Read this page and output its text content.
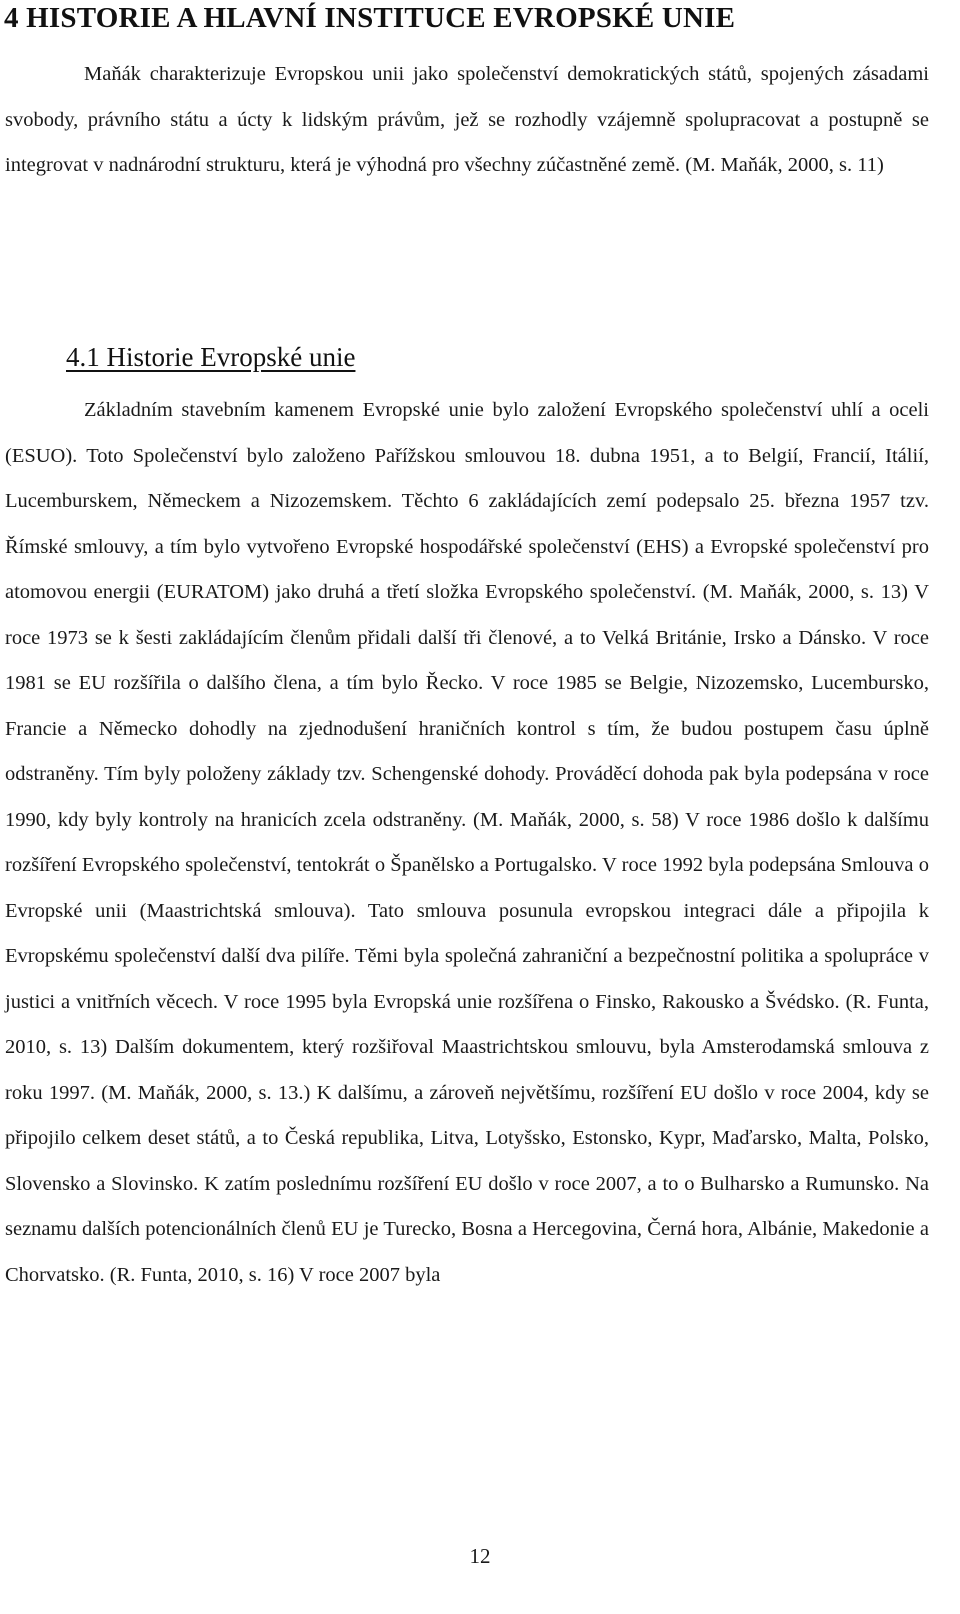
4 HISTORIE A HLAVNÍ INSTITUCE EVROPSKÉ UNIE

Maňák charakterizuje Evropskou unii jako společenství demokratických států, spojených zásadami svobody, právního státu a úcty k lidským právům, jež se rozhodly vzájemně spolupracovat a postupně se integrovat v nadnárodní strukturu, která je výhodná pro všechny zúčastněné země. (M. Maňák, 2000, s. 11)

4.1 Historie Evropské unie

Základním stavebním kamenem Evropské unie bylo založení Evropského společenství uhlí a oceli (ESUO). Toto Společenství bylo založeno Pařížskou smlouvou 18. dubna 1951, a to Belgií, Francií, Itálií, Lucemburskem, Německem a Nizozemskem. Těchto 6 zakládajících zemí podepsalo 25. března 1957 tzv. Římské smlouvy, a tím bylo vytvořeno Evropské hospodářské společenství (EHS) a Evropské společenství pro atomovou energii (EURATOM) jako druhá a třetí složka Evropského společenství. (M. Maňák, 2000, s. 13) V roce 1973 se k šesti zakládajícím členům přidali další tři členové, a to Velká Británie, Irsko a Dánsko. V roce 1981 se EU rozšířila o dalšího člena, a tím bylo Řecko. V roce 1985 se Belgie, Nizozemsko, Lucembursko, Francie a Německo dohodly na zjednodušení hraničních kontrol s tím, že budou postupem času úplně odstraněny. Tím byly položeny základy tzv. Schengenské dohody. Prováděcí dohoda pak byla podepsána v roce 1990, kdy byly kontroly na hranicích zcela odstraněny. (M. Maňák, 2000, s. 58) V roce 1986 došlo k dalšímu rozšíření Evropského společenství, tentokrát o Španělsko a Portugalsko. V roce 1992 byla podepsána Smlouva o Evropské unii (Maastrichtská smlouva). Tato smlouva posunula evropskou integraci dále a připojila k Evropskému společenství další dva pilíře. Těmi byla společná zahraniční a bezpečnostní politika a spolupráce v justici a vnitřních věcech. V roce 1995 byla Evropská unie rozšířena o Finsko, Rakousko a Švédsko. (R. Funta, 2010, s. 13) Dalším dokumentem, který rozšiřoval Maastrichtskou smlouvu, byla Amsterodamská smlouva z roku 1997. (M. Maňák, 2000, s. 13.) K dalšímu, a zároveň největšímu, rozšíření EU došlo v roce 2004, kdy se připojilo celkem deset států, a to Česká republika, Litva, Lotyšsko, Estonsko, Kypr, Maďarsko, Malta, Polsko, Slovensko a Slovinsko. K zatím poslednímu rozšíření EU došlo v roce 2007, a to o Bulharsko a Rumunsko. Na seznamu dalších potencionálních členů EU je Turecko, Bosna a Hercegovina, Černá hora, Albánie, Makedonie a Chorvatsko. (R. Funta, 2010, s. 16) V roce 2007 byla

12
